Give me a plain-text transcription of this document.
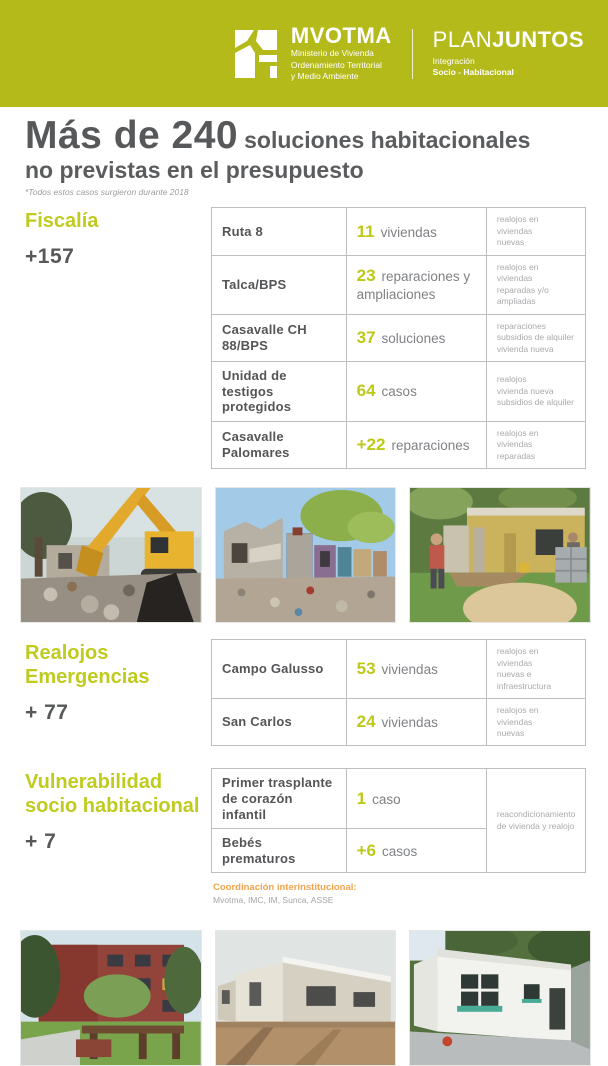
MVOTMA
Ministerio de Vivienda
Ordenamiento Territorial
y Medio Ambiente
PLANJUNTOS
Integración
Socio - Habitacional
Más de 240 soluciones habitacionales
no previstas en el presupuesto
*Todos estos casos surgieron durante 2018
Fiscalía
+157
Ruta 8	11 viviendas	realojos en viviendas
nuevas

Talca/BPS	23 reparaciones y ampliaciones	realojos en viviendas
reparadas y/o ampliadas

Casavalle CH 88/BPS	37 soluciones	reparaciones
subsidios de alquiler
vivienda nueva

Unidad de testigos protegidos	64 casos	realojos
vivienda nueva
subsidios de alquiler

Casavalle Palomares	+22 reparaciones	realojos en viviendas
reparadas
Realojos
Emergencias
+ 77
Campo Galusso	53 viviendas	realojos en viviendas
nuevas e infraestructura

San Carlos	24 viviendas	realojos en viviendas
nuevas
Vulnerabilidad
socio habitacional
+ 7
Primer trasplante de corazón infantil	1 caso	reacondicionamiento
de vivienda y realojo

Bebés prematuros	+6 casos	
Coordinación interinstitucional:
Mvotma, IMC, IM, Sunca, ASSE
